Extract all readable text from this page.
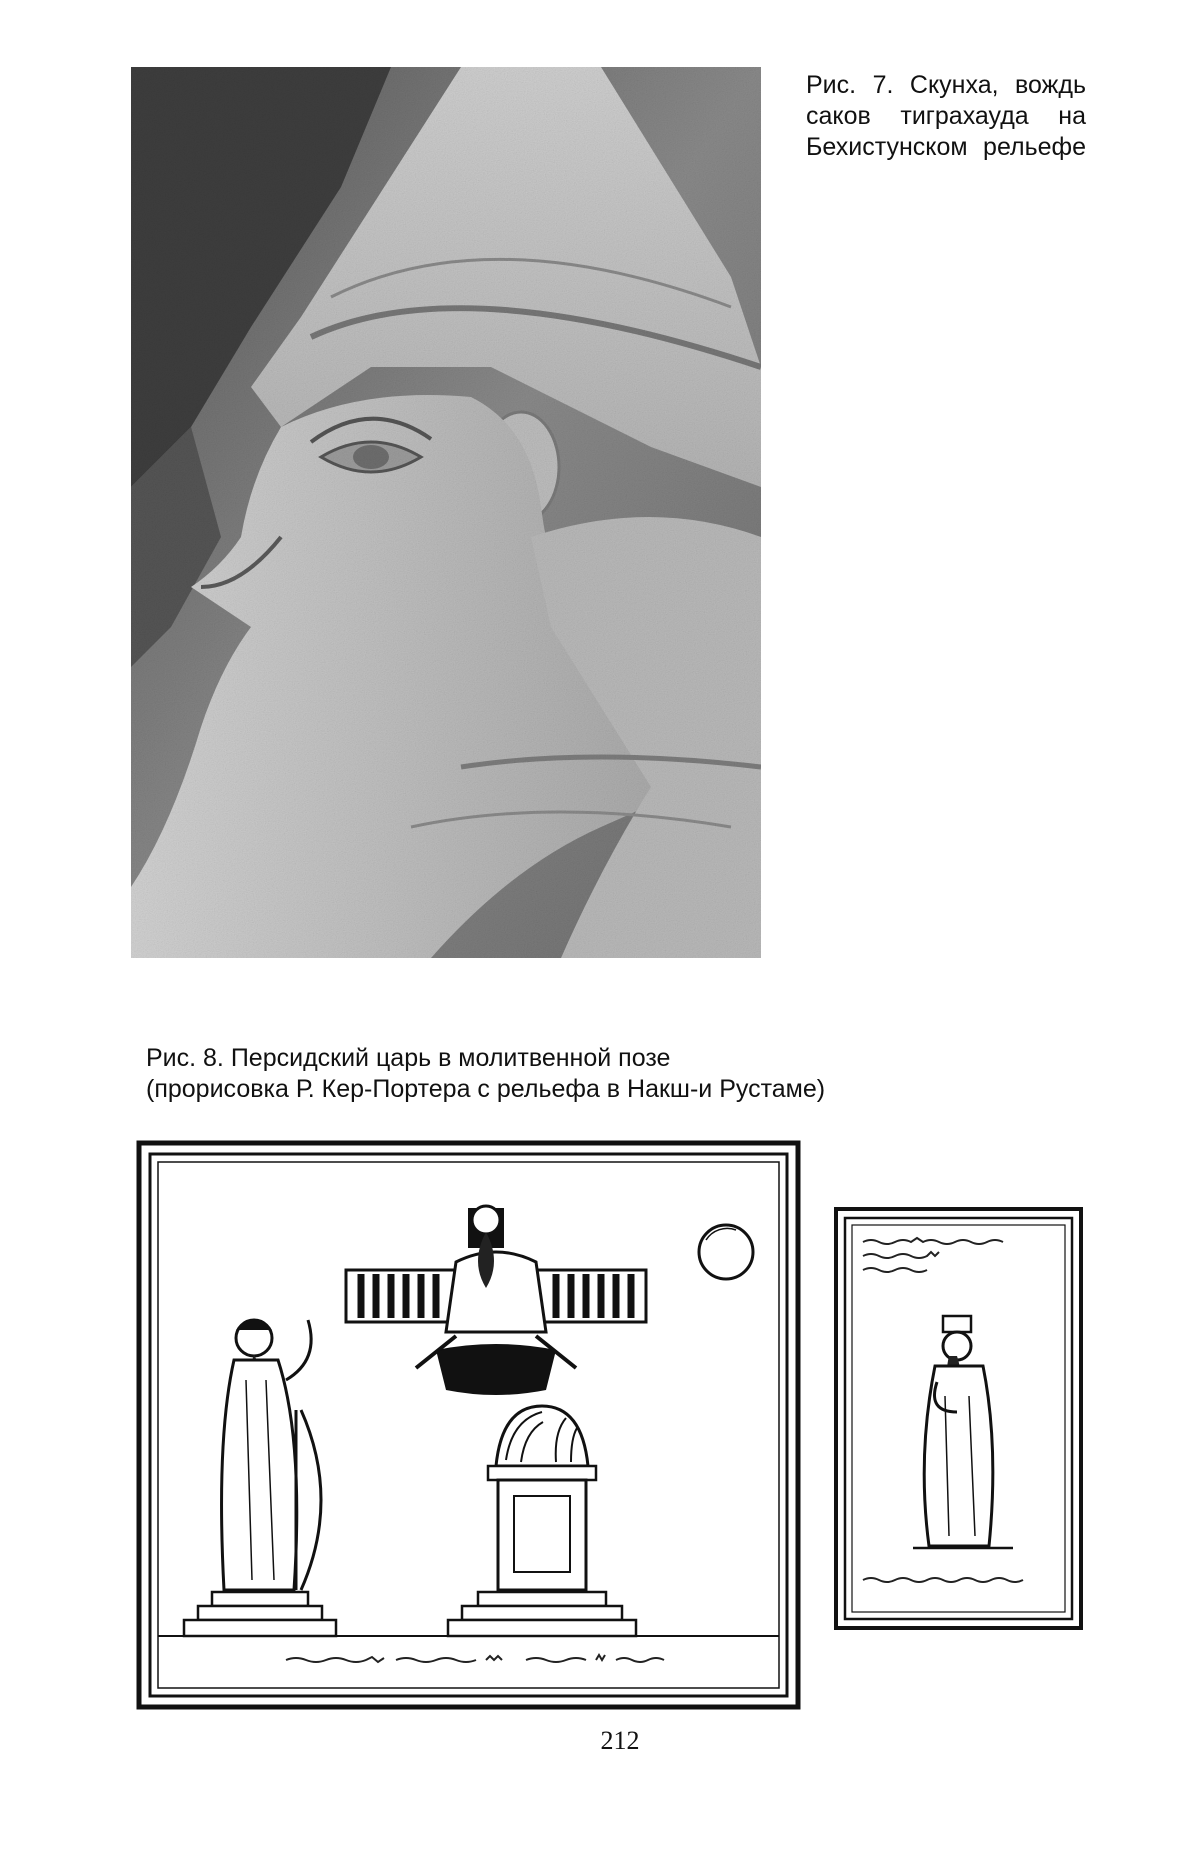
Рис. 7. Скунха, вождь
саков тиграхауда на
Бехистунском рельефе
Рис. 8. Персидский царь в молитвенной позе
(прорисовка Р. Кер-Портера с рельефа в Накш-и Рустаме)
212
